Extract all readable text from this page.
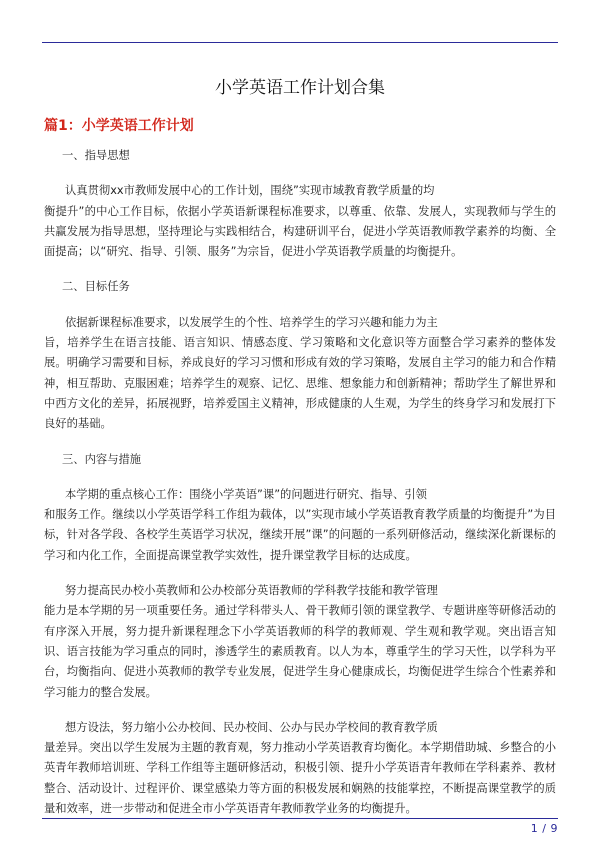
小学英语工作计划合集
篇1：小学英语工作计划

一、指导思想

认真贯彻xx市教师发展中心的工作计划，围绕”实现市域教育教学质量的均
衡提升”的中心工作目标，依据小学英语新课程标准要求，以尊重、依靠、发展人，实现教师与学生的共赢发展为指导思想，坚持理论与实践相结合，构建研训平台，促进小学英语教师教学素养的均衡、全面提高；以“研究、指导、引领、服务”为宗旨，促进小学英语教学质量的均衡提升。

二、目标任务

依据新课程标准要求，以发展学生的个性、培养学生的学习兴趣和能力为主
旨，培养学生在语言技能、语言知识、情感态度、学习策略和文化意识等方面整合学习素养的整体发展。明确学习需要和目标，养成良好的学习习惯和形成有效的学习策略，发展自主学习的能力和合作精神，相互帮助、克服困难；培养学生的观察、记忆、思维、想象能力和创新精神；帮助学生了解世界和中西方文化的差异，拓展视野，培养爱国主义精神，形成健康的人生观，为学生的终身学习和发展打下良好的基础。

三、内容与措施

本学期的重点核心工作：围绕小学英语”课”的问题进行研究、指导、引领
和服务工作。继续以小学英语学科工作组为载体，以”实现市域小学英语教育教学质量的均衡提升”为目标，针对各学段、各校学生英语学习状况，继续开展”课”的问题的一系列研修活动，继续深化新课标的学习和内化工作，全面提高课堂教学实效性，提升课堂教学目标的达成度。

努力提高民办校小英教师和公办校部分英语教师的学科教学技能和教学管理
能力是本学期的另一项重要任务。通过学科带头人、骨干教师引领的课堂教学、专题讲座等研修活动的有序深入开展，努力提升新课程理念下小学英语教师的科学的教师观、学生观和教学观。突出语言知识、语言技能为学习重点的同时，渗透学生的素质教育。以人为本，尊重学生的学习天性，以学科为平台，均衡指向、促进小英教师的教学专业发展，促进学生身心健康成长，均衡促进学生综合个性素养和学习能力的整合发展。

想方设法，努力缩小公办校间、民办校间、公办与民办学校间的教育教学质
量差异。突出以学生发展为主题的教育观，努力推动小学英语教育均衡化。本学期借助城、乡整合的小英青年教师培训班、学科工作组等主题研修活动，积极引领、提升小学英语青年教师在学科素养、教材整合、活动设计、过程评价、课堂感染力等方面的积极发展和娴熟的技能掌控，不断提高课堂教学的质量和效率，进一步带动和促进全市小学英语青年教师教学业务的均衡提升。

1 / 9
